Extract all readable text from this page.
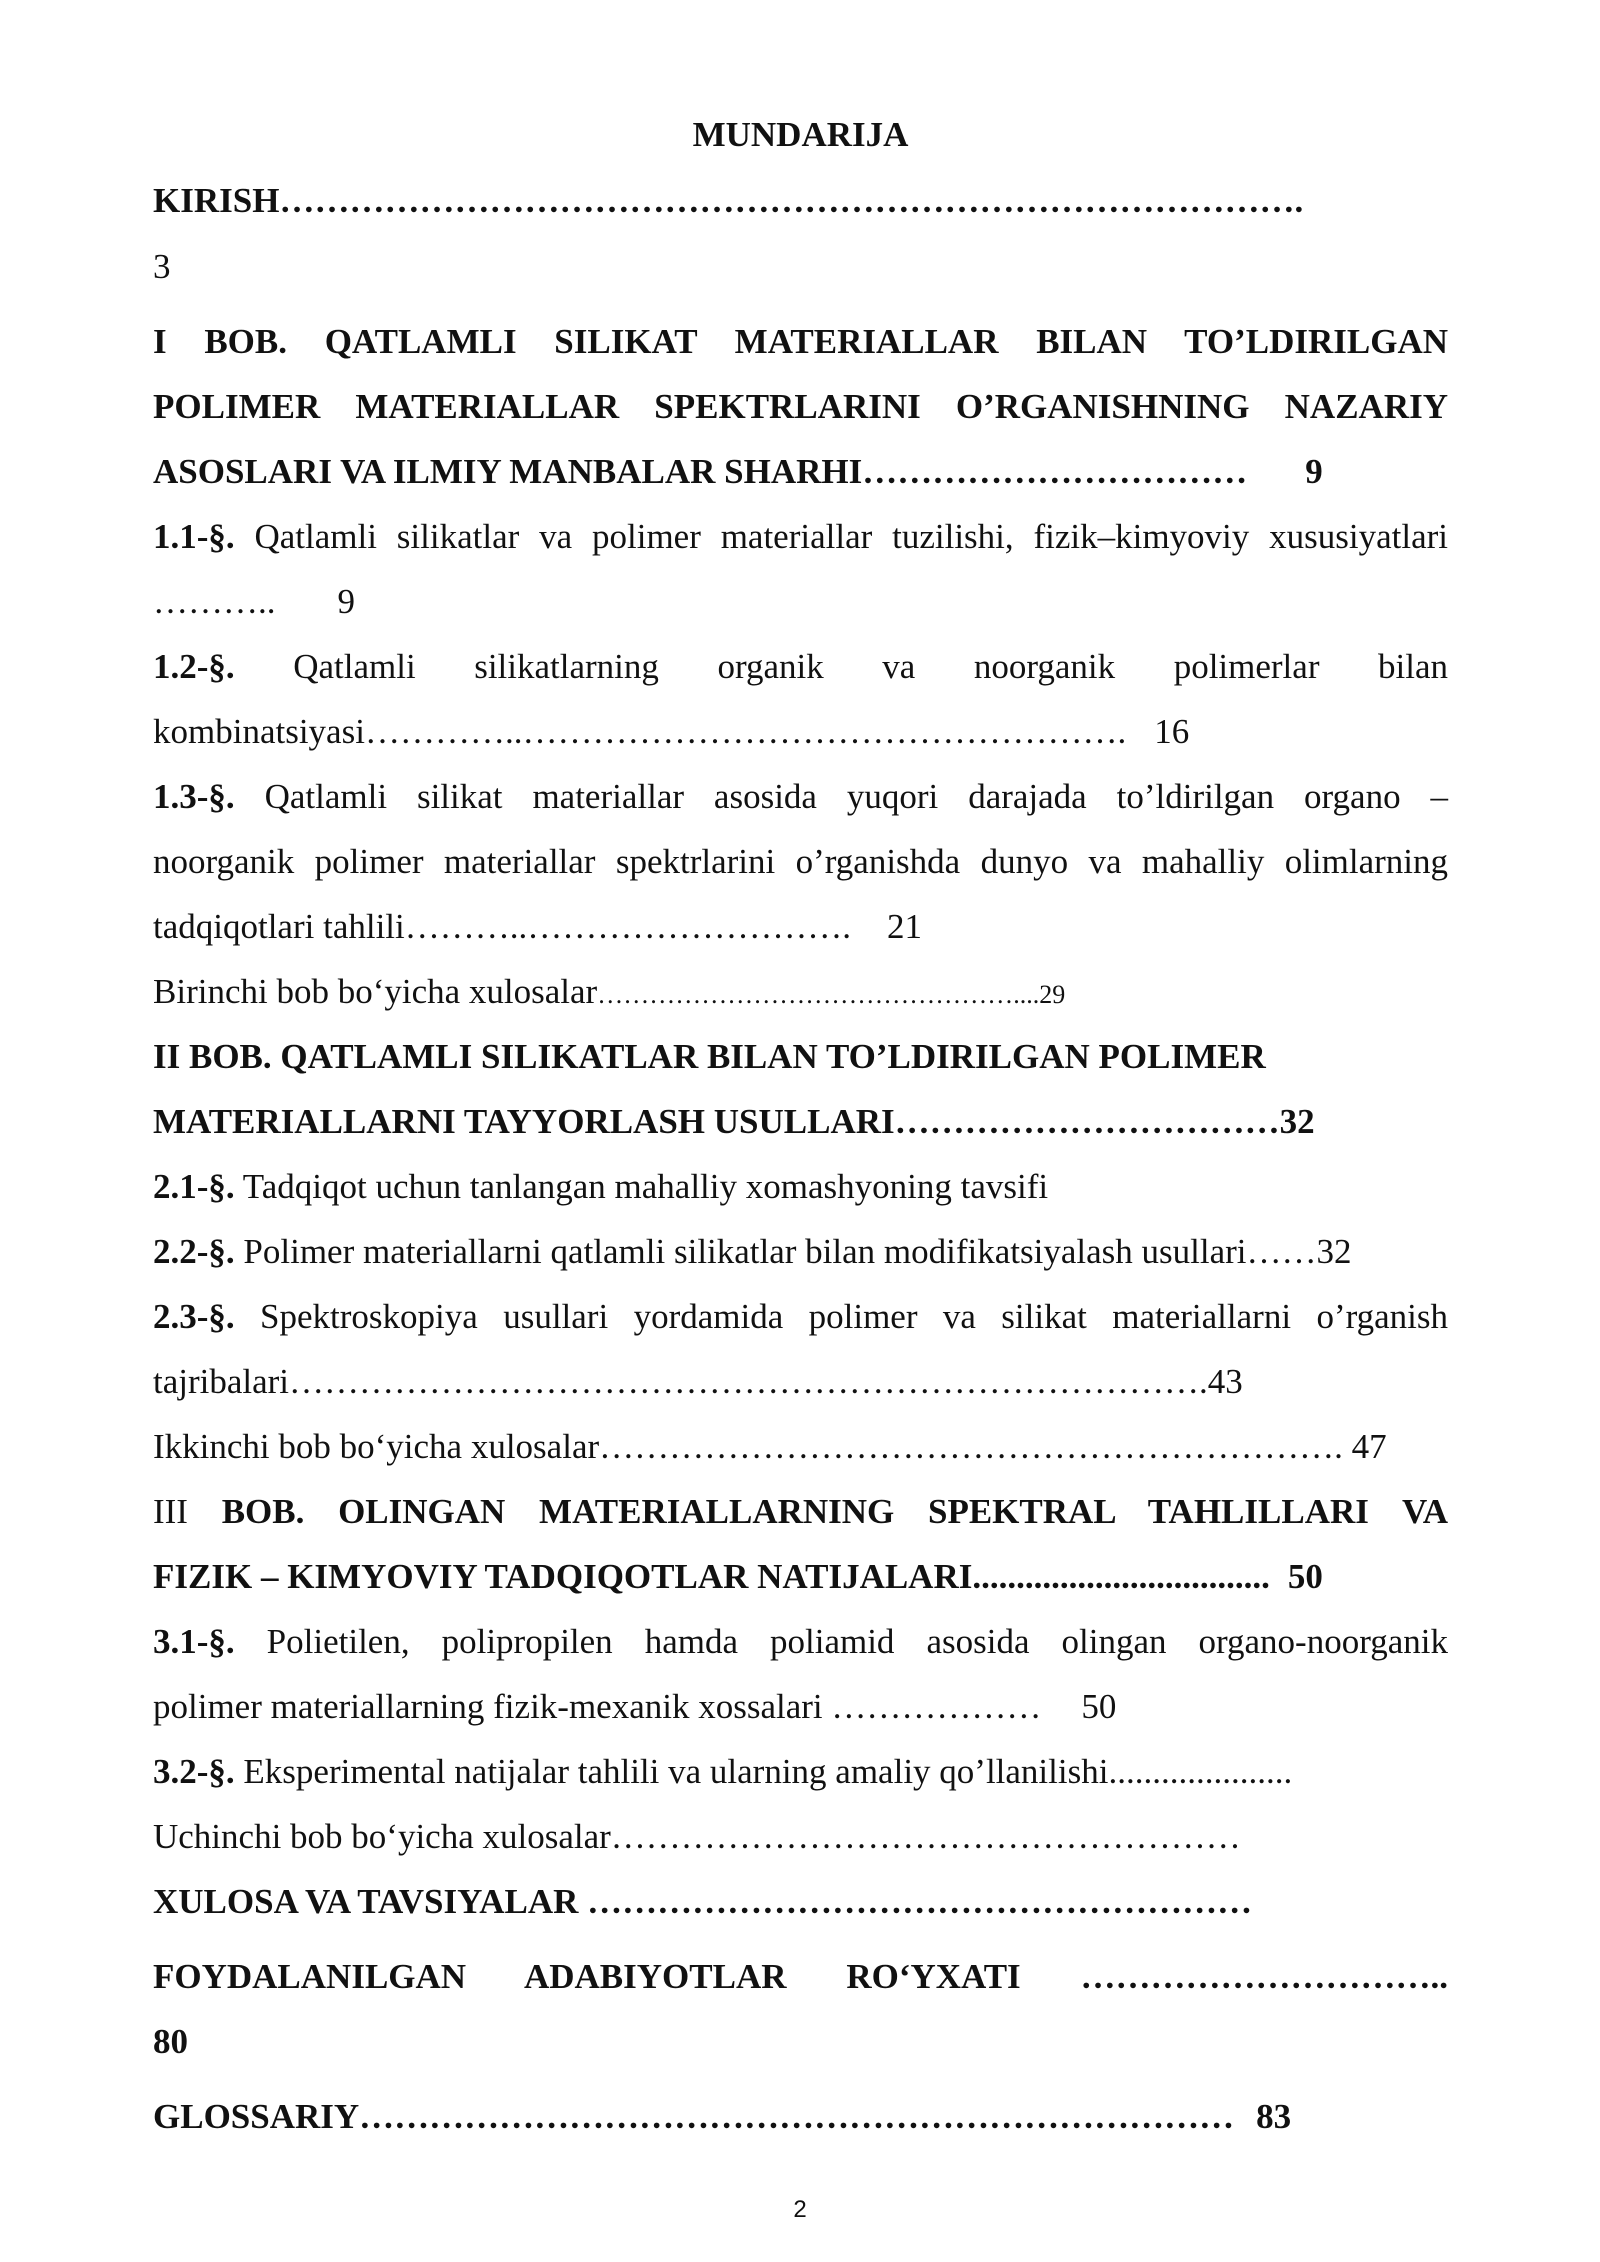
MUNDARIJA
KIRISH…………………………………………………………………………….
3
I BOB. QATLAMLI SILIKAT MATERIALLAR BILAN TO’LDIRILGAN
POLIMER MATERIALLAR SPEKTRLARINI O’RGANISHNING NAZARIY
ASOSLARI VA ILMIY MANBALAR SHARHI…………………………… 9
1.1-§. Qatlamli silikatlar va polimer materiallar tuzilishi, fizik–kimyoviy xususiyatlari
……….. 9
1.2-§. Qatlamli silikatlarning organik va noorganik polimerlar bilan
kombinatsiyasi…………..……………………………………………. 16
1.3-§. Qatlamli silikat materiallar asosida yuqori darajada to’ldirilgan organo –
noorganik polimer materiallar spektrlarini o’rganishda dunyo va mahalliy olimlarning
tadqiqotlari tahlili………..………………………. 21
Birinchi bob bo‘yicha xulosalar…………………………………………....29
II BOB. QATLAMLI SILIKATLAR BILAN TO’LDIRILGAN POLIMER
MATERIALLARNI TAYYORLASH USULLARI……………………………32
2.1-§. Tadqiqot uchun tanlangan mahalliy xomashyoning tavsifi
2.2-§. Polimer materiallarni qatlamli silikatlar bilan modifikatsiyalash usullari……32
2.3-§. Spektroskopiya usullari yordamida polimer va silikat materiallarni o’rganish
tajribalari…………………………………………………………………….43
Ikkinchi bob bo‘yicha xulosalar………………………………………………………. 47
III BOB. OLINGAN MATERIALLARNING SPEKTRAL TAHLILLARI VA
FIZIK – KIMYOVIY TADQIQOTLAR NATIJALARI.................................. 50
3.1-§. Polietilen, polipropilen hamda poliamid asosida olingan organo-noorganik
polimer materiallarning fizik-mexanik xossalari ……………… 50
3.2-§. Eksperimental natijalar tahlili va ularning amaliy qo’llanilishi.....................
Uchinchi bob bo‘yicha xulosalar………………………………………………
XULOSA VA TAVSIYALAR …………………………………………………
FOYDALANILGAN ADABIYOTLAR RO‘YXATI …………………………..
80
GLOSSARIY………………………………………………………………… 83
2
